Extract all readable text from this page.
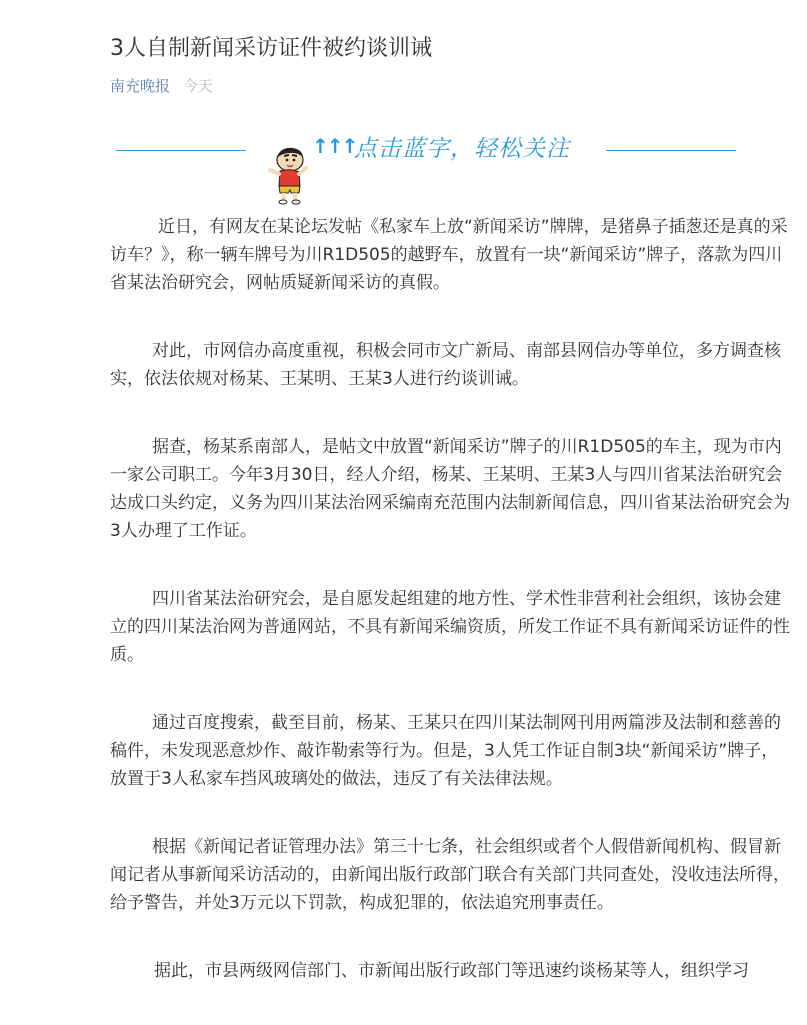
3人自制新闻采访证件被约谈训诫
南充晚报 今天
↑↑↑
点击蓝字，轻松关注

近日，有网友在某论坛发帖《私家车上放“新闻采访”牌牌，是猪鼻子插葱还是真的采访车？》，称一辆车牌号为川R1D505的越野车，放置有一块“新闻采访”牌子，落款为四川省某法治研究会，网帖质疑新闻采访的真假。

对此，市网信办高度重视，积极会同市文广新局、南部县网信办等单位，多方调查核实，依法依规对杨某、王某明、王某3人进行约谈训诫。

据查，杨某系南部人，是帖文中放置“新闻采访”牌子的川R1D505的车主，现为市内一家公司职工。今年3月30日，经人介绍，杨某、王某明、王某3人与四川省某法治研究会达成口头约定，义务为四川某法治网采编南充范围内法制新闻信息，四川省某法治研究会为3人办理了工作证。

四川省某法治研究会，是自愿发起组建的地方性、学术性非营利社会组织，该协会建立的四川某法治网为普通网站，不具有新闻采编资质，所发工作证不具有新闻采访证件的性质。

通过百度搜索，截至目前，杨某、王某只在四川某法制网刊用两篇涉及法制和慈善的稿件，未发现恶意炒作、敲诈勒索等行为。但是，3人凭工作证自制3块“新闻采访”牌子，放置于3人私家车挡风玻璃处的做法，违反了有关法律法规。

根据《新闻记者证管理办法》第三十七条，社会组织或者个人假借新闻机构、假冒新闻记者从事新闻采访活动的，由新闻出版行政部门联合有关部门共同查处，没收违法所得，给予警告，并处3万元以下罚款，构成犯罪的，依法追究刑事责任。

据此，市县两级网信部门、市新闻出版行政部门等迅速约谈杨某等人，组织学习
